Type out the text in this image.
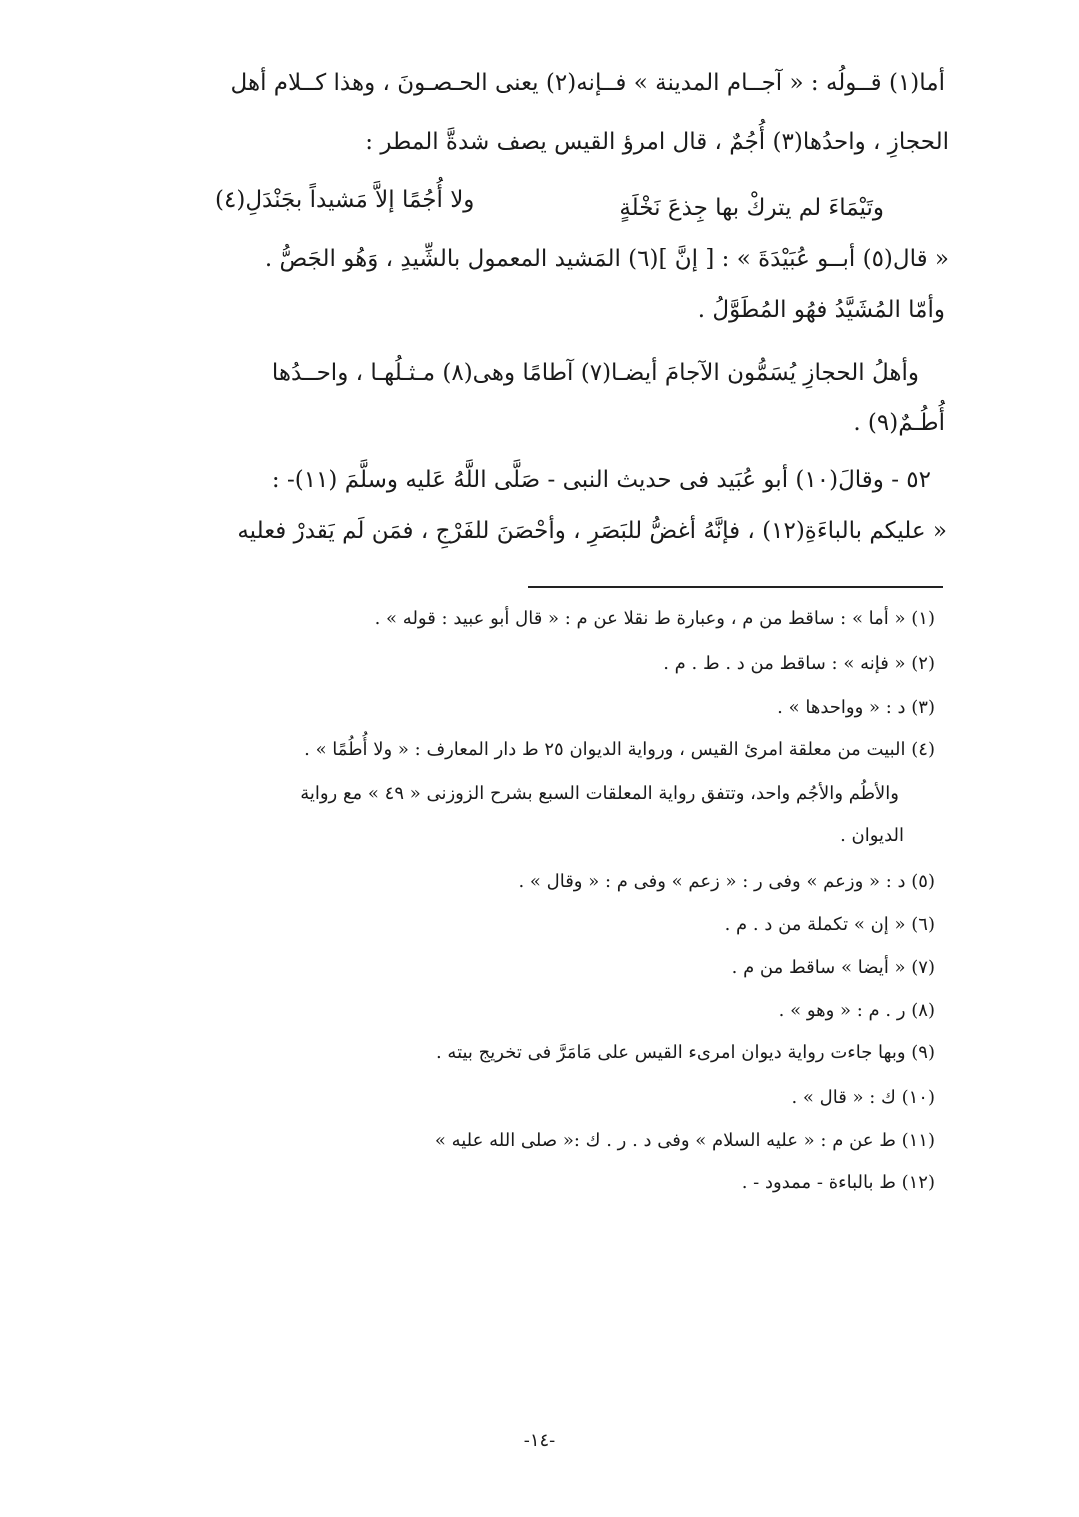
أما(١) قــولُه : « آجــام المدينة » فــإنه(٢) يعنى الحـصـونَ ، وهذا كــلام أهل
الحجازِ ، واحدُها(٣) أُجُمٌ ، قال امرؤ القيس يصف شدةَّ المطر :
وتَيْمَاءَ لم يتركْ بها جِذعَ نَخْلَةٍ
ولا أُجُمًا إلاَّ مَشيداً بجَنْدَلِ(٤)
« قال(٥) أبــو عُبَيْدَةَ » : [ إنَّ ](٦) المَشيد المعمول بالشِّيدِ ، وَهُو الجَصُّ .
وأمّا المُشَيَّدُ فهُو المُطَوَّلُ .
وأهلُ الحجازِ يُسَمُّون الآجامَ أيضـا(٧) آطامًا وهى(٨) مـثـلُهـا ، واحــدُها
أُطُـمٌ(٩) .
٥٢ - وقالَ(١٠) أبو عُبَيد فى حديث النبى - صَلَّى اللَّهُ عَليه وسلَّمَ (١١)- :
« عليكم بالباءَةِ(١٢) ، فإنَّهُ أغضُّ للبَصَرِ ، وأحْصَنَ للفَرْجِ ، فمَن لَم يَقدرْ فعليه
(١) « أما » : ساقط من م ، وعبارة ط نقلا عن م : « قال أبو عبيد : قوله » .
(٢) « فإنه » : ساقط من د . ط . م .
(٣) د : « وواحدها » .
(٤) البيت من معلقة امرئ القيس ، ورواية الديوان ٢٥ ط دار المعارف : « ولا أُطُمًا » .
والأطُم والأجُم واحد، وتتفق رواية المعلقات السبع بشرح الزوزنى « ٤٩ » مع رواية
الديوان .
(٥) د : « وزعم » وفى ر : « زعم » وفى م : « وقال » .
(٦) « إن » تكملة من د . م .
(٧) « أيضا » ساقط من م .
(٨) ر . م : « وهو » .
(٩) وبها جاءت رواية ديوان امرىء القيس على مَامَرَّ فى تخريج بيته .
(١٠) ك : « قال » .
(١١) ط عن م : « عليه السلام » وفى د . ر . ك :« صلى الله عليه »
(١٢) ط بالباءة - ممدود - .
-١٤-
